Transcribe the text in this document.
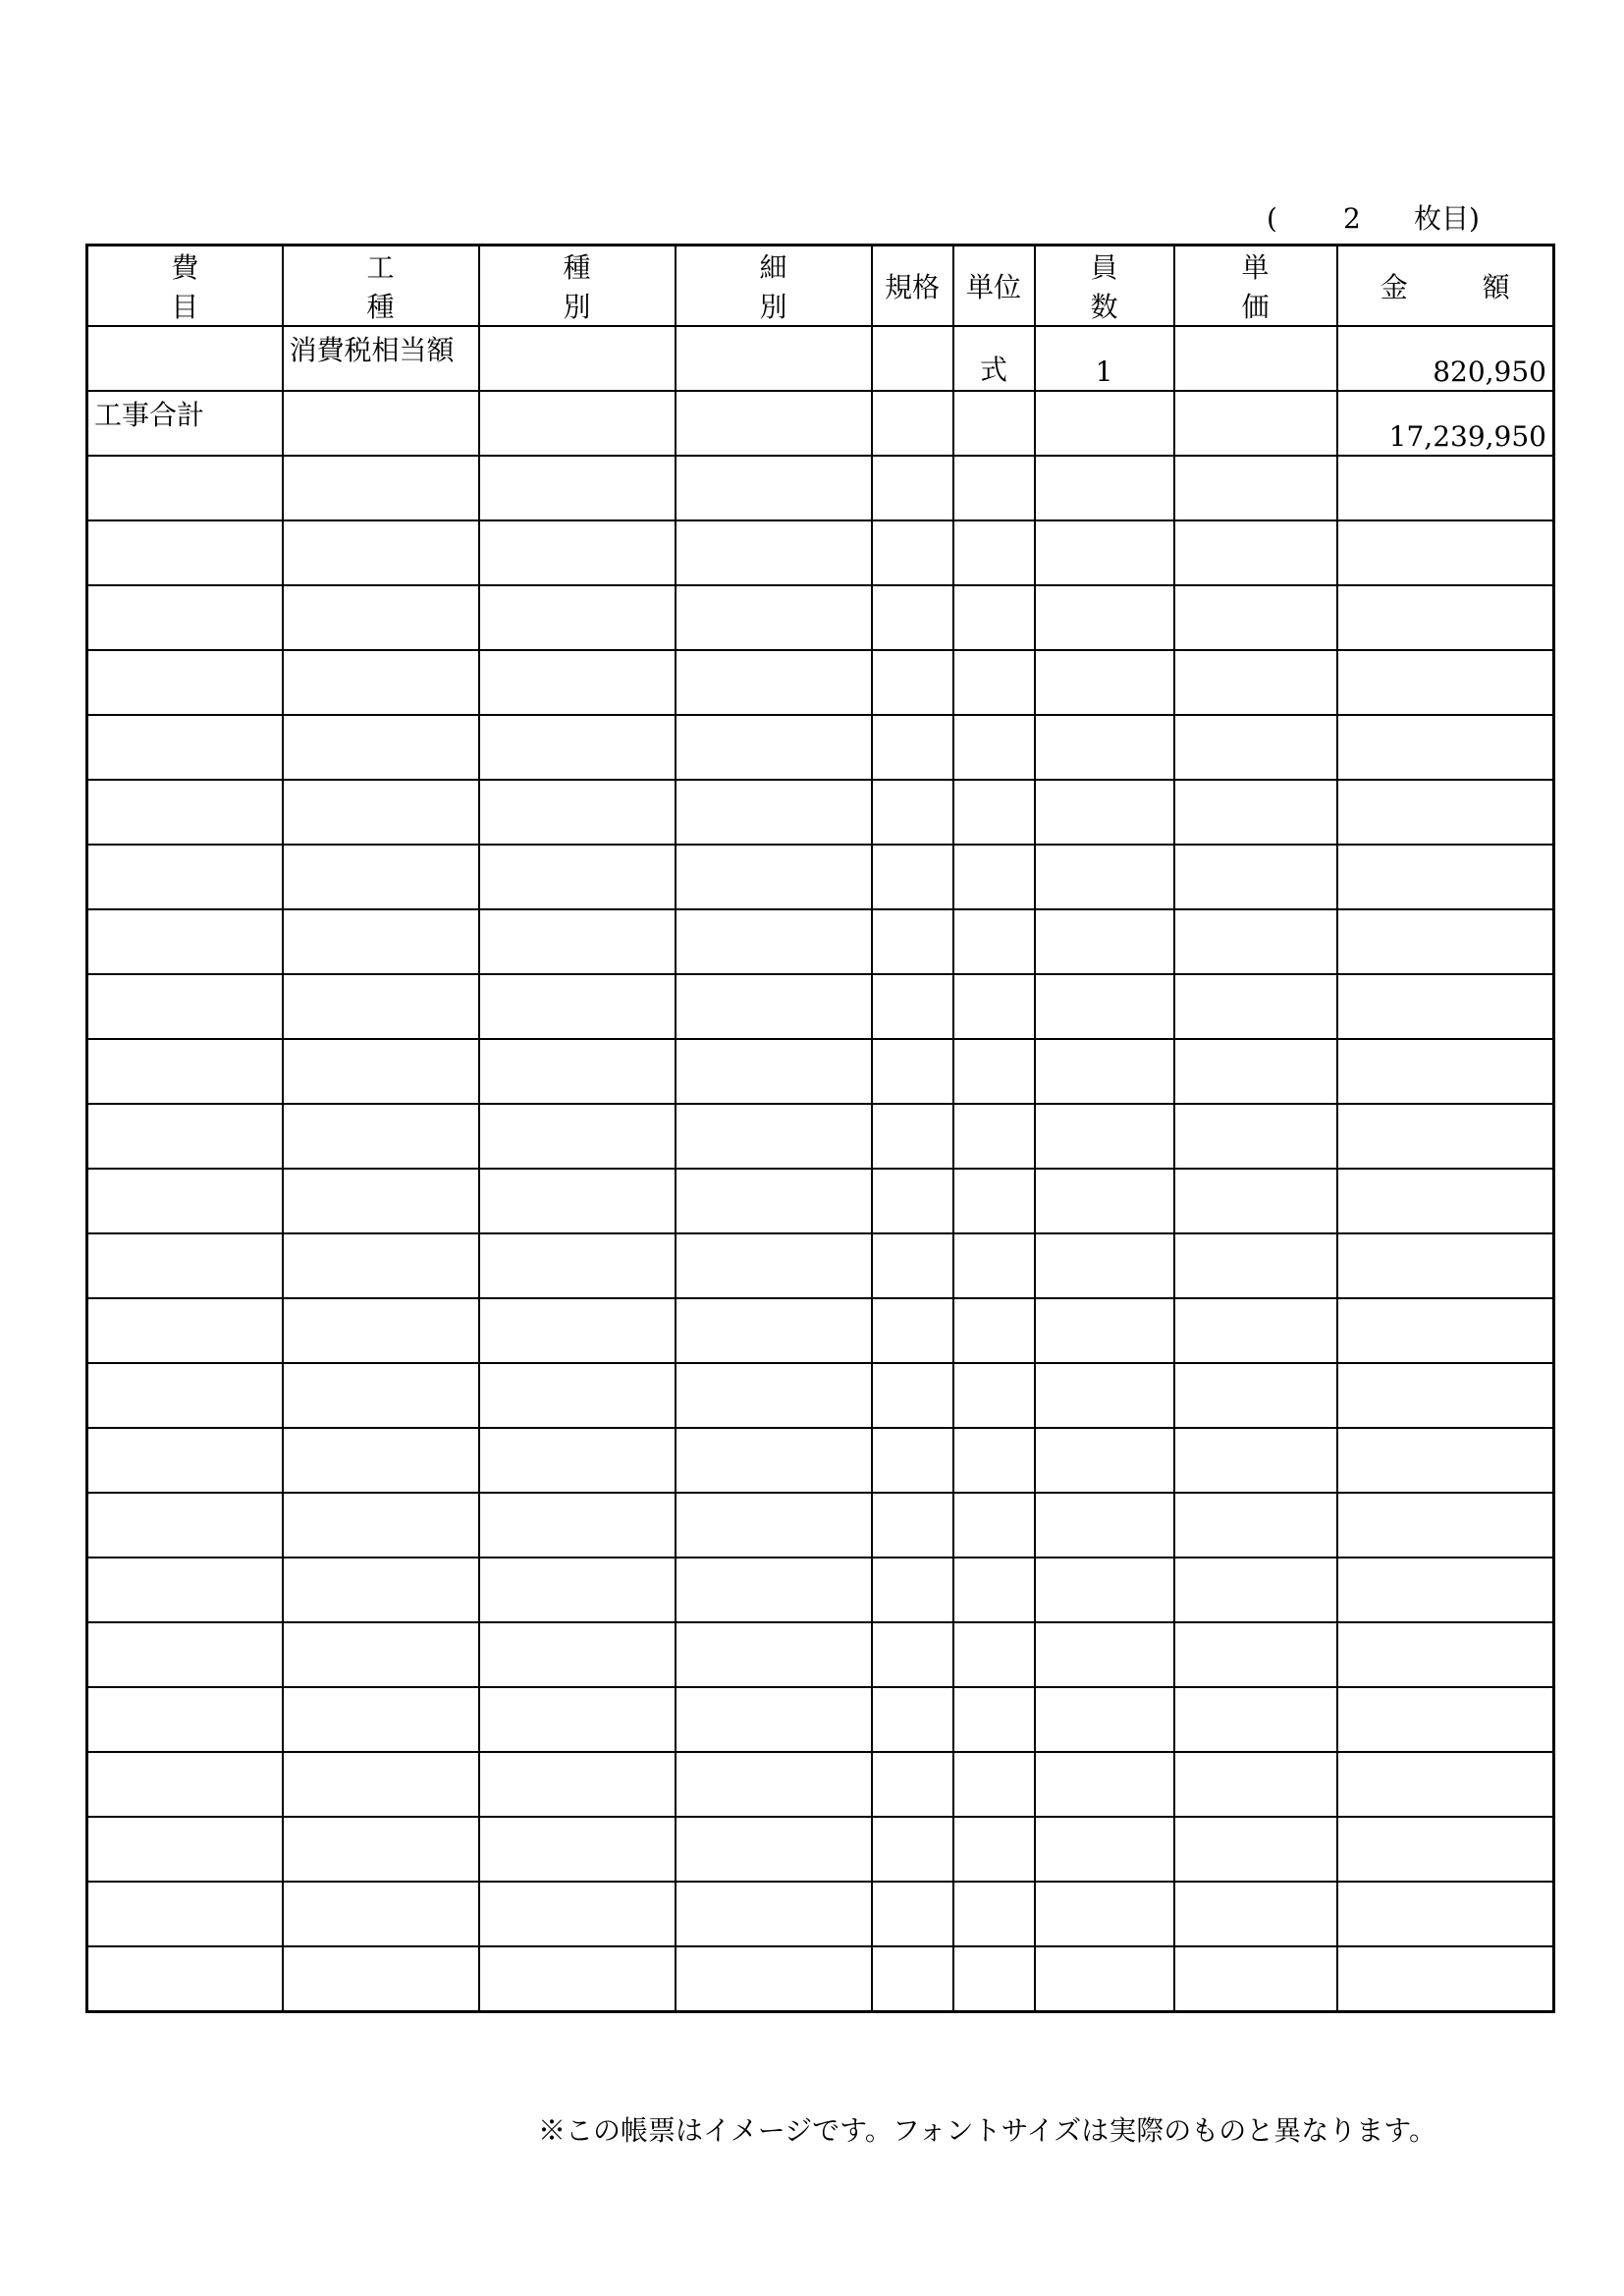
( 2 枚目)
費 目	工 種	種 別	細 別	規格	単位	員 数	単 価	金 額

	消費税相当額				式	1		820,950

工事合計								17,239,950

※この帳票はイメージです。フォントサイズは実際のものと異なります。
